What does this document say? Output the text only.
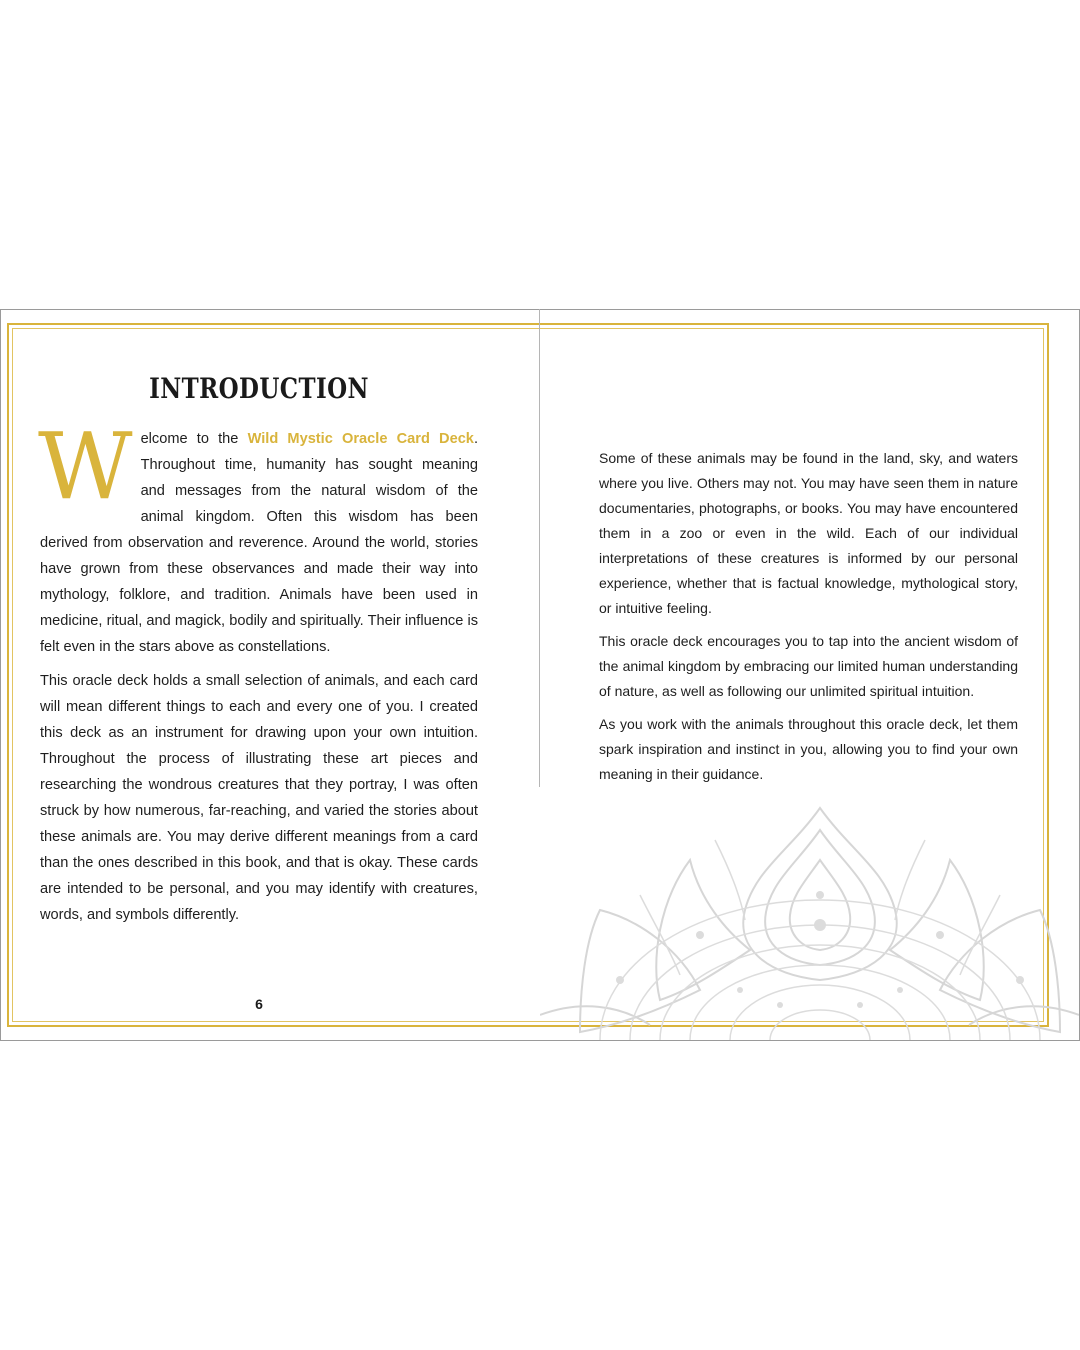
INTRODUCTION

Welcome to the Wild Mystic Oracle Card Deck. Throughout time, humanity has sought meaning and messages from the natural wisdom of the animal kingdom. Often this wisdom has been derived from observation and reverence. Around the world, stories have grown from these observances and made their way into mythology, folklore, and tradition. Animals have been used in medicine, ritual, and magick, bodily and spiritually. Their influence is felt even in the stars above as constellations.

This oracle deck holds a small selection of animals, and each card will mean different things to each and every one of you. I created this deck as an instrument for drawing upon your own intuition. Throughout the process of illustrating these art pieces and researching the wondrous creatures that they portray, I was often struck by how numerous, far-reaching, and varied the stories about these animals are. You may derive different meanings from a card than the ones described in this book, and that is okay. These cards are intended to be personal, and you may identify with creatures, words, and symbols differently.

6

Some of these animals may be found in the land, sky, and waters where you live. Others may not. You may have seen them in nature documentaries, photographs, or books. You may have encountered them in a zoo or even in the wild. Each of our individual interpretations of these creatures is informed by our personal experience, whether that is factual knowledge, mythological story, or intuitive feeling.

This oracle deck encourages you to tap into the ancient wisdom of the animal kingdom by embracing our limited human understanding of nature, as well as following our unlimited spiritual intuition.

As you work with the animals throughout this oracle deck, let them spark inspiration and instinct in you, allowing you to find your own meaning in their guidance.
